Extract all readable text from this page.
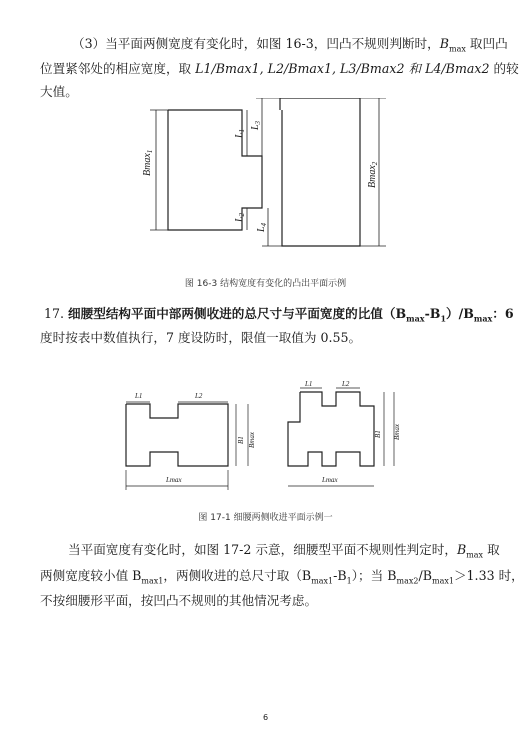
（3）当平面两侧宽度有变化时，如图 16-3，凹凸不规则判断时，$B_{max}$ 取凹凸

位置紧邻处的相应宽度，取 L1/Bmax1, L2/Bmax1, L3/Bmax2 和 L4/Bmax2 的较大值。

Bmax$_1$
Bmax$_2$
$L_1$
$L_3$
$L_2$
$L_4$
图 16-3 结构宽度有变化的凸出平面示例

17. 细腰型结构平面中部两侧收进的总尺寸与平面宽度的比值$(B_{max}-B_1)/B_{max}$：6

度时按表中数值执行，7 度设防时，限值一取值为 0.55。

L1	L2
Lmax
B1 Bmax
L1	L2
Lmax
B1 Bmax
图 17-1 细腰两侧收进平面示例一

当平面宽度有变化时，如图 17-2 示意，细腰型平面不规则性判定时，$B_{max}$ 取

两侧宽度较小值 $B_{max1}$，两侧收进的总尺寸取$(B_{max1}-B_1)$；当 $B_{max2}/B_{max1}>1.33$ 时，

不按细腰形平面，按凹凸不规则的其他情况考虑。

6
